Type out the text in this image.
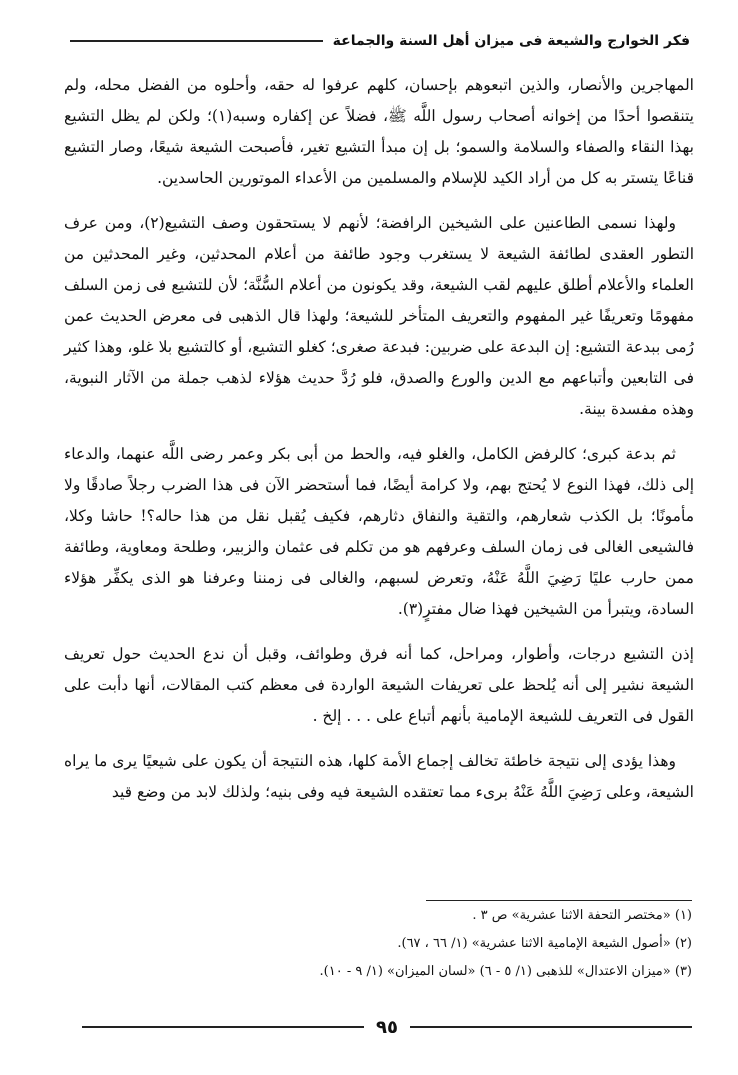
فكر الخوارج والشيعة فى ميزان أهل السنة والجماعة

المهاجرين والأنصار، والذين اتبعوهم بإحسان، كلهم عرفوا له حقه، وأحلوه من الفضل محله، ولم يتنقصوا أحدًا من إخوانه أصحاب رسول اللَّه ﷺ، فضلاً عن إكفاره وسبه(١)؛ ولكن لم يظل التشيع بهذا النقاء والصفاء والسلامة والسمو؛ بل إن مبدأ التشيع تغير، فأصبحت الشيعة شيعًا، وصار التشيع قناعًا يتستر به كل من أراد الكيد للإسلام والمسلمين من الأعداء الموتورين الحاسدين.

ولهذا نسمى الطاعنين على الشيخين الرافضة؛ لأنهم لا يستحقون وصف التشيع(٢)، ومن عرف التطور العقدى لطائفة الشيعة لا يستغرب وجود طائفة من أعلام المحدثين، وغير المحدثين من العلماء والأعلام أطلق عليهم لقب الشيعة، وقد يكونون من أعلام السُّنَّة؛ لأن للتشيع فى زمن السلف مفهومًا وتعريفًا غير المفهوم والتعريف المتأخر للشيعة؛ ولهذا قال الذهبى فى معرض الحديث عمن رُمى ببدعة التشيع: إن البدعة على ضربين: فبدعة صغرى؛ كغلو التشيع، أو كالتشيع بلا غلو، وهذا كثير فى التابعين وأتباعهم مع الدين والورع والصدق، فلو رُدَّ حديث هؤلاء لذهب جملة من الآثار النبوية، وهذه مفسدة بينة.

ثم بدعة كبرى؛ كالرفض الكامل، والغلو فيه، والحط من أبى بكر وعمر رضى اللَّه عنهما، والدعاء إلى ذلك، فهذا النوع لا يُحتج بهم، ولا كرامة أيضًا، فما أستحضر الآن فى هذا الضرب رجلاً صادقًا ولا مأمونًا؛ بل الكذب شعارهم، والتقية والنفاق دثارهم، فكيف يُقبل نقل من هذا حاله؟! حاشا وكلا، فالشيعى الغالى فى زمان السلف وعرفهم هو من تكلم فى عثمان والزبير، وطلحة ومعاوية، وطائفة ممن حارب عليًا رَضِيَ اللَّهُ عَنْهُ، وتعرض لسبهم، والغالى فى زمننا وعرفنا هو الذى يكفِّر هؤلاء السادة، ويتبرأ من الشيخين فهذا ضال مفترٍ(٣).

إذن التشيع درجات، وأطوار، ومراحل، كما أنه فرق وطوائف، وقبل أن ندع الحديث حول تعريف الشيعة نشير إلى أنه يُلحظ على تعريفات الشيعة الواردة فى معظم كتب المقالات، أنها دأبت على القول فى التعريف للشيعة الإمامية بأنهم أتباع على . . . إلخ .

وهذا يؤدى إلى نتيجة خاطئة تخالف إجماع الأمة كلها، هذه النتيجة أن يكون على شيعيًا يرى ما يراه الشيعة، وعلى رَضِيَ اللَّهُ عَنْهُ برىء مما تعتقده الشيعة فيه وفى بنيه؛ ولذلك لابد من وضع قيد

(١) «مختصر التحفة الاثنا عشرية» ص ٣ .
(٢) «أصول الشيعة الإمامية الاثنا عشرية» (١/ ٦٦ ، ٦٧).
(٣) «ميزان الاعتدال» للذهبى (١/ ٥ - ٦) «لسان الميزان» (١/ ٩ - ١٠).
٩٥
